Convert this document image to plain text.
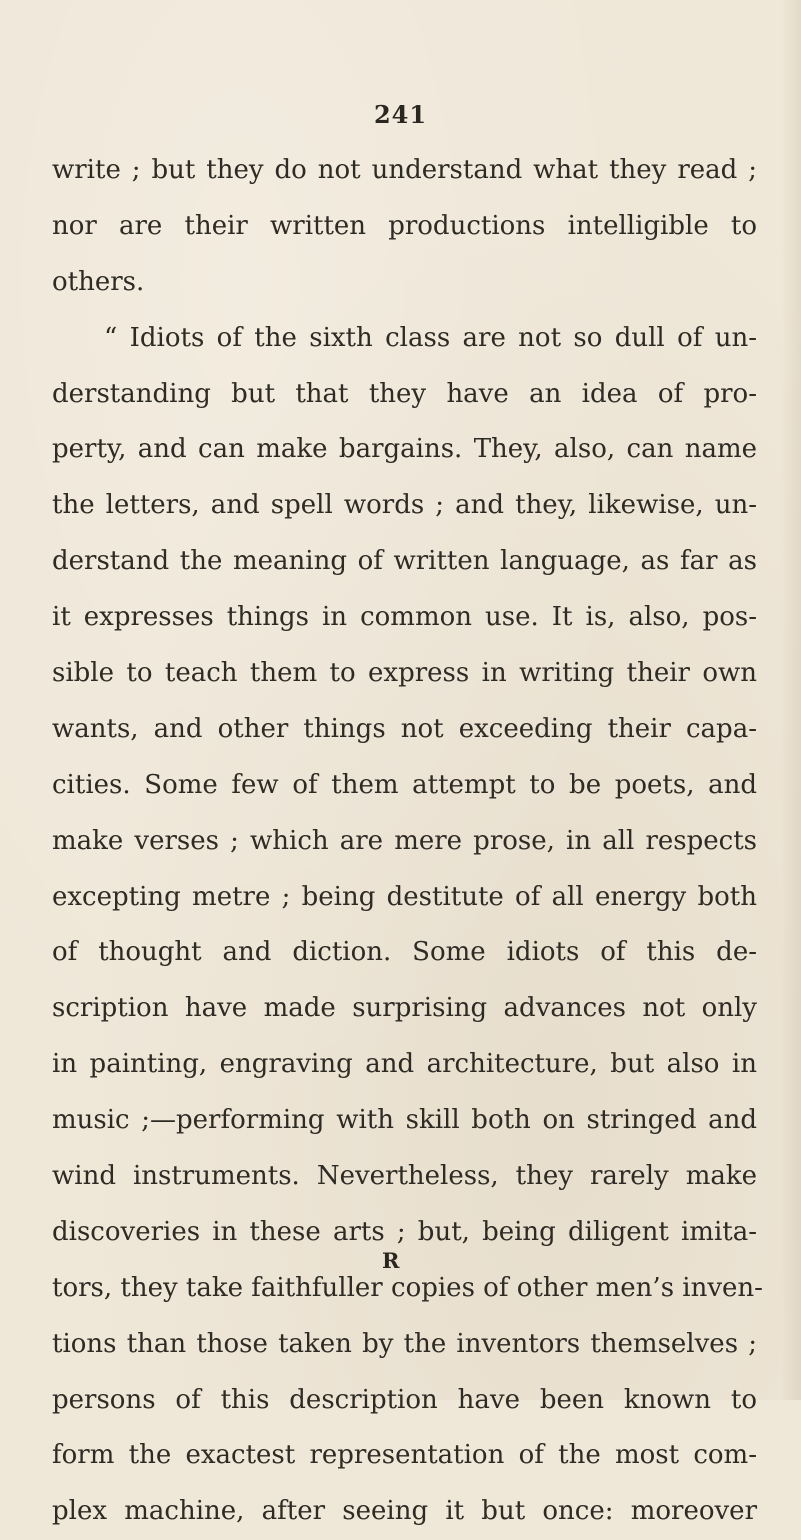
241
write ; but they do not understand what they read ;
nor are their written productions intelligible to
others.
“ Idiots of the sixth class are not so dull of un-
derstanding but that they have an idea of pro-
perty, and can make bargains. They, also, can name
the letters, and spell words ; and they, likewise, un-
derstand the meaning of written language, as far as
it expresses things in common use. It is, also, pos-
sible to teach them to express in writing their own
wants, and other things not exceeding their capa-
cities. Some few of them attempt to be poets, and
make verses ; which are mere prose, in all respects
excepting metre ; being destitute of all energy both
of thought and diction. Some idiots of this de-
scription have made surprising advances not only
in painting, engraving and architecture, but also in
music ;—performing with skill both on stringed and
wind instruments. Nevertheless, they rarely make
discoveries in these arts ; but, being diligent imita-
tors, they take faithfuller copies of other men’s inven-
tions than those taken by the inventors themselves ;
persons of this description have been known to
form the exactest representation of the most com-
plex machine, after seeing it but once: moreover
R
